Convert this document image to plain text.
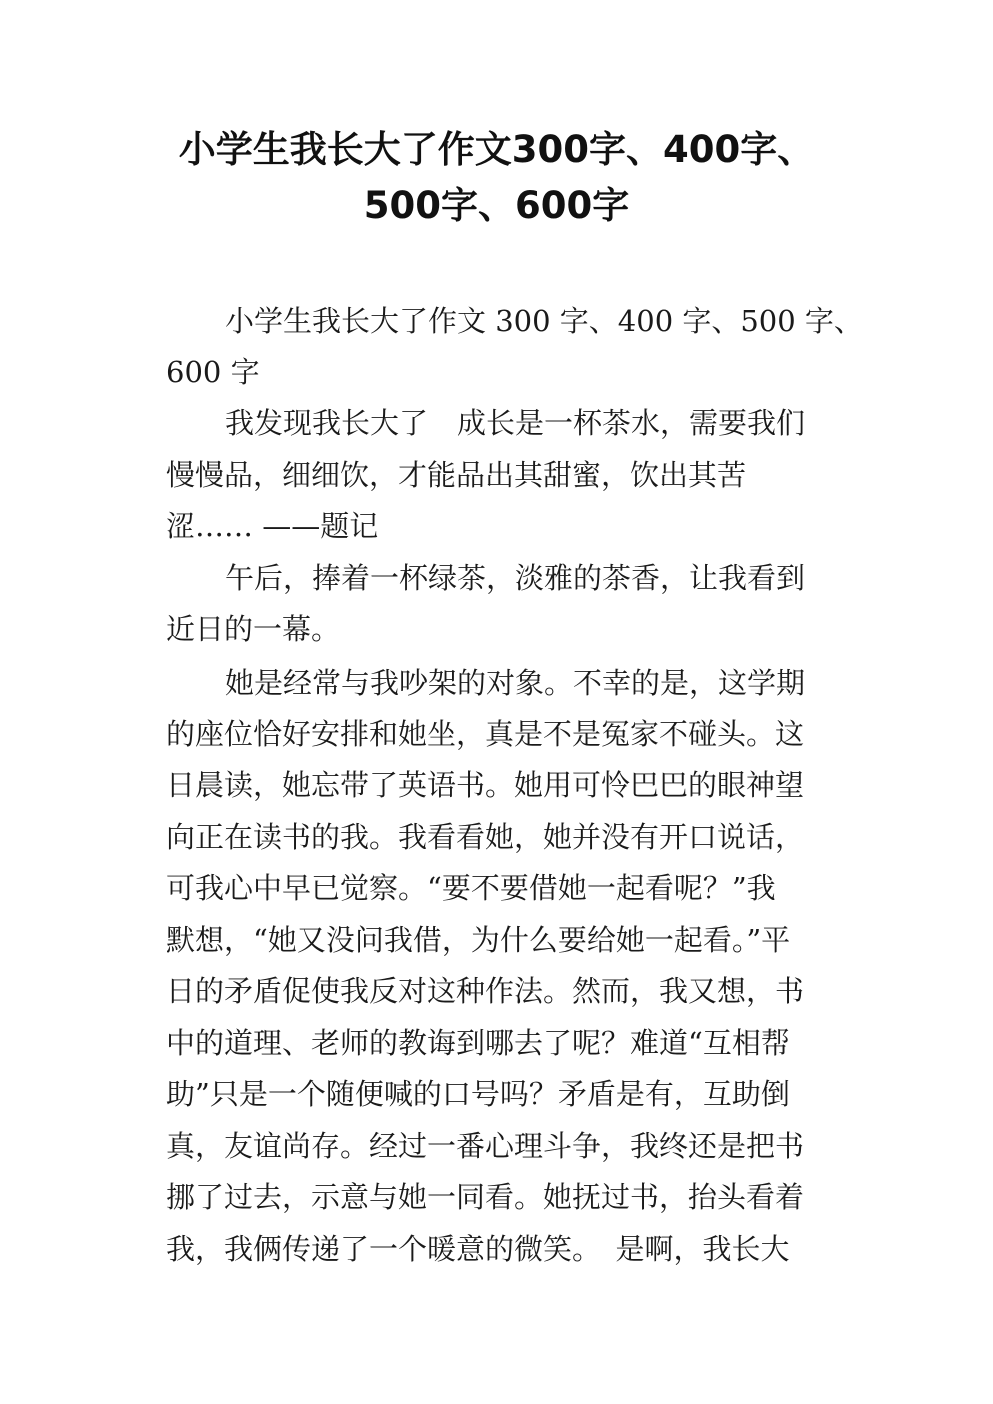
小学生我长大了作文300字、400字、
500字、600字
小学生我长大了作文 300 字、400 字、500 字、
600 字
我发现我长大了　成长是一杯茶水，需要我们
慢慢品，细细饮，才能品出其甜蜜，饮出其苦
涩…… ——题记
午后，捧着一杯绿茶，淡雅的茶香，让我看到
近日的一幕。
她是经常与我吵架的对象。不幸的是，这学期
的座位恰好安排和她坐，真是不是冤家不碰头。这
日晨读，她忘带了英语书。她用可怜巴巴的眼神望
向正在读书的我。我看看她，她并没有开口说话，
可我心中早已觉察。“要不要借她一起看呢？”我
默想，“她又没问我借，为什么要给她一起看。”平
日的矛盾促使我反对这种作法。然而，我又想，书
中的道理、老师的教诲到哪去了呢？难道“互相帮
助”只是一个随便喊的口号吗？矛盾是有，互助倒
真，友谊尚存。经过一番心理斗争，我终还是把书
挪了过去，示意与她一同看。她抚过书，抬头看着
我，我俩传递了一个暖意的微笑。　是啊，我长大
